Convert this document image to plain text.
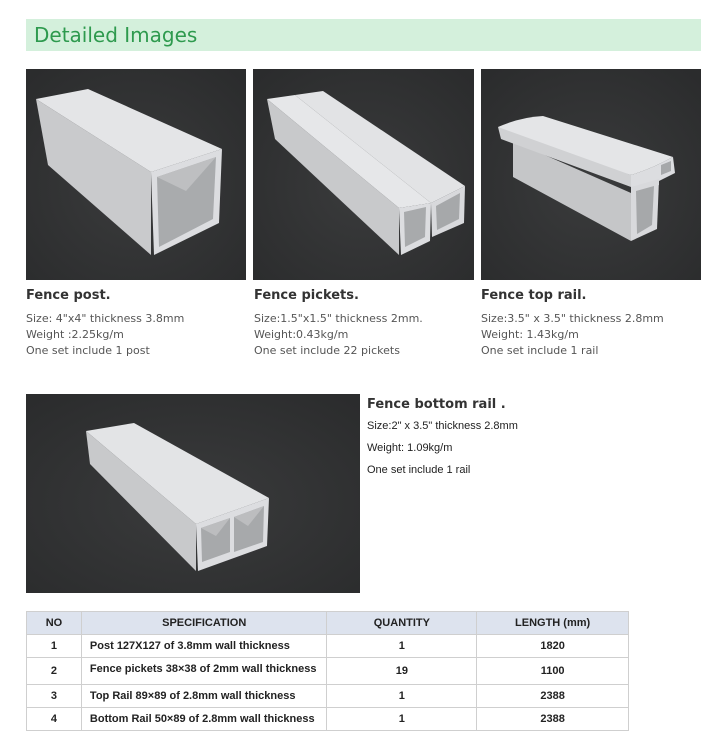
Detailed Images
Fence post.
Size: 4"x4" thickness 3.8mm
Weight :2.25kg/m
One set include 1 post
Fence pickets.
Size:1.5"x1.5" thickness 2mm.
Weight:0.43kg/m
One set include 22 pickets
Fence top rail.
Size:3.5" x 3.5" thickness 2.8mm
Weight: 1.43kg/m
One set include 1 rail
Fence bottom rail .
Size:2" x 3.5" thickness 2.8mm
Weight: 1.09kg/m
One set include 1 rail
NO	SPECIFICATION	QUANTITY	LENGTH (mm)
1	Post 127X127 of 3.8mm wall thickness	1	1820
2	Fence pickets 38×38 of 2mm wall thickness	19	1100
3	Top Rail 89×89 of 2.8mm wall thickness	1	2388
4	Bottom Rail 50×89 of 2.8mm wall thickness	1	2388
